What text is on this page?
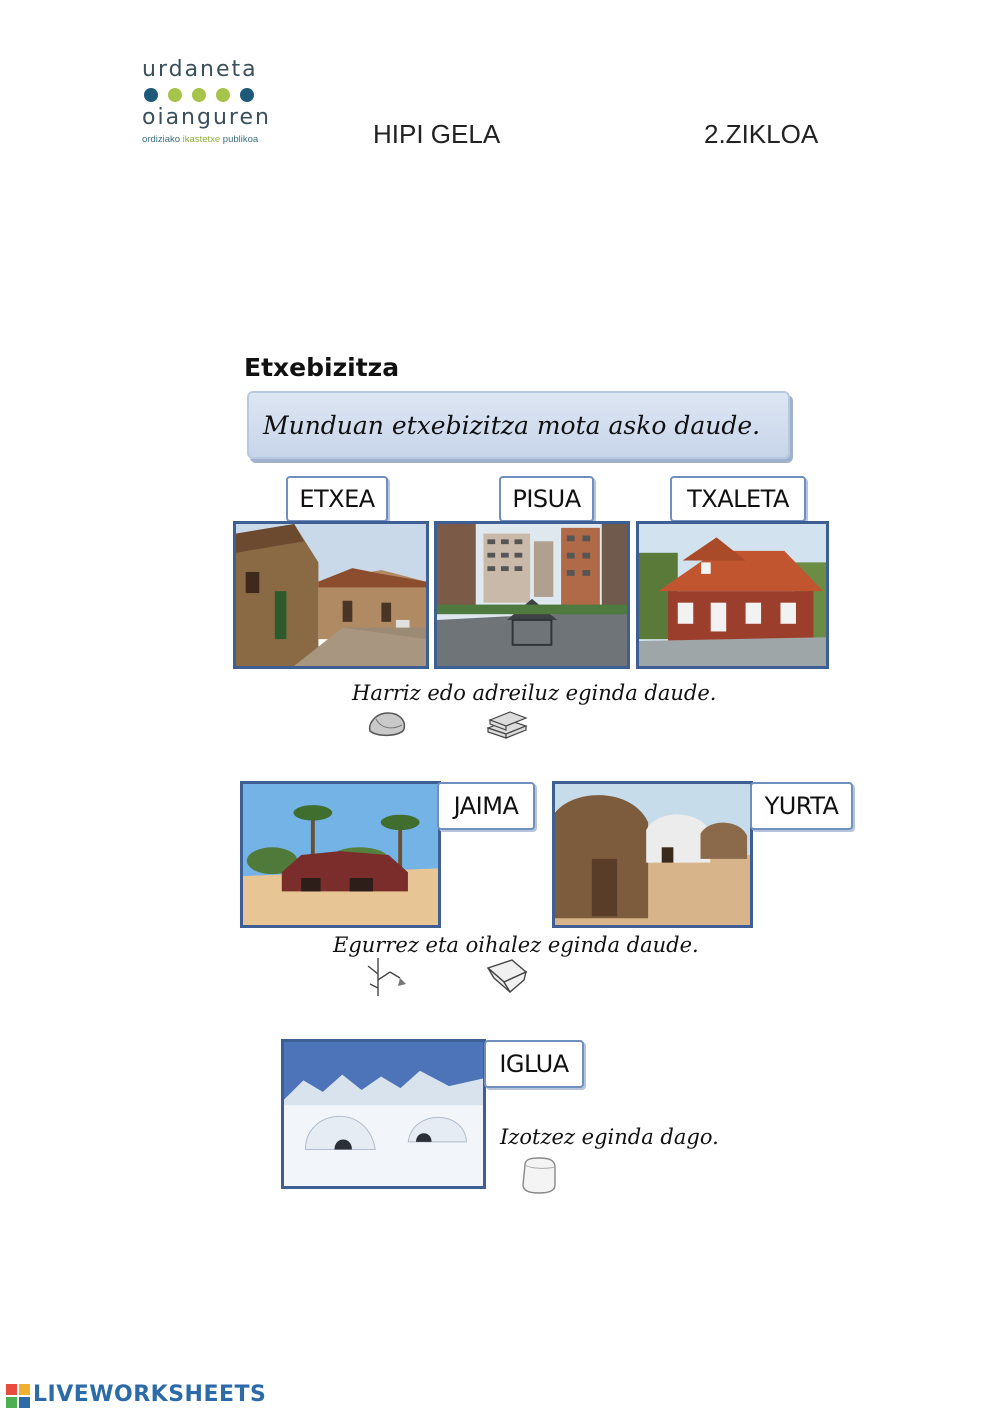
urdaneta
oianguren
ordiziako ikastetxe publikoa	HIPI GELA	2.ZIKLOA
Etxebizitza
Munduan etxebizitza mota asko daude.
ETXEA	PISUA	TXALETA
Harriz edo adreiluz eginda daude.
JAIMA	YURTA
Egurrez eta oihalez eginda daude.
IGLUA
Izotzez eginda dago.
LIVEWORKSHEETS
